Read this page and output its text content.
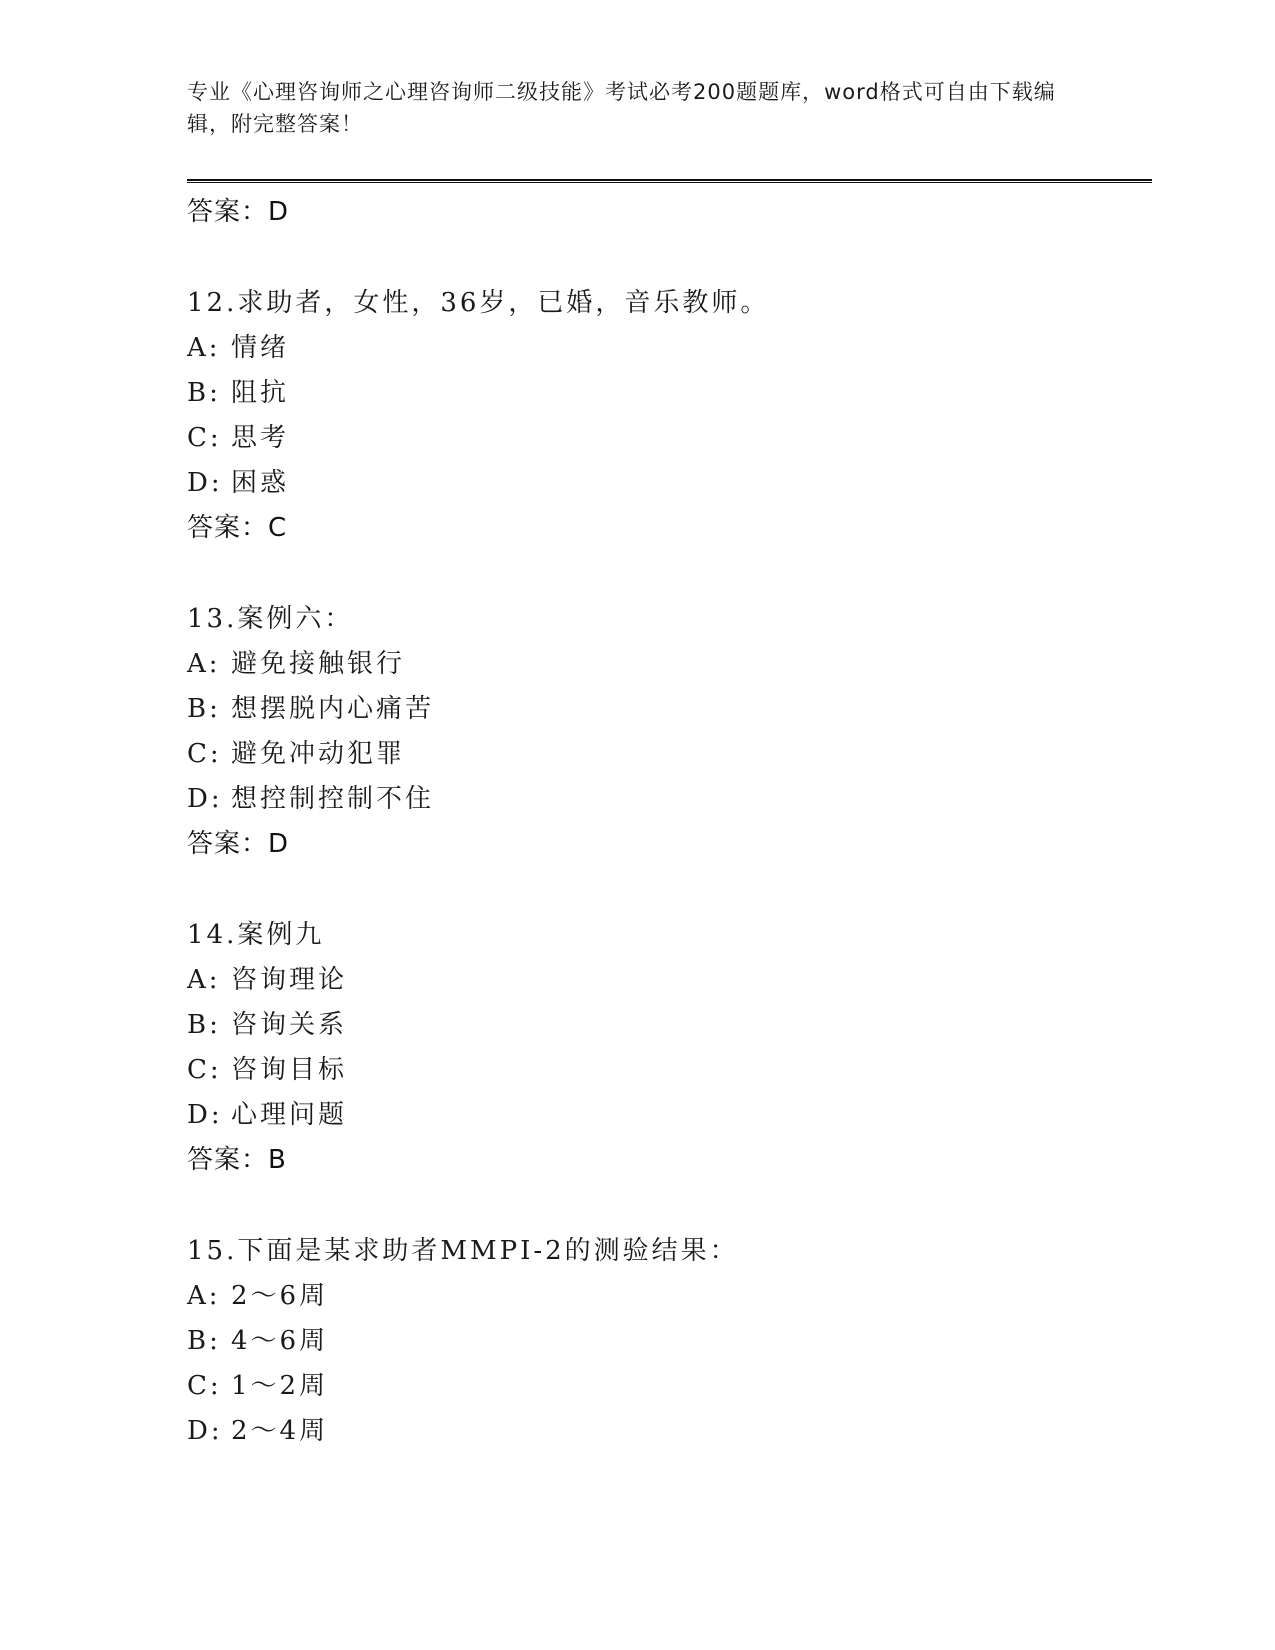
专业《心理咨询师之心理咨询师二级技能》考试必考200题题库，word格式可自由下载编辑，附完整答案！
答案：D
12.求助者，女性，36岁，已婚，音乐教师。
A: 情绪
B: 阻抗
C: 思考
D: 困惑
答案：C
13.案例六：
A: 避免接触银行
B: 想摆脱内心痛苦
C: 避免冲动犯罪
D: 想控制控制不住
答案：D
14.案例九
A: 咨询理论
B: 咨询关系
C: 咨询目标
D: 心理问题
答案：B
15.下面是某求助者MMPI-2的测验结果：
A: 2～6周
B: 4～6周
C: 1～2周
D: 2～4周
